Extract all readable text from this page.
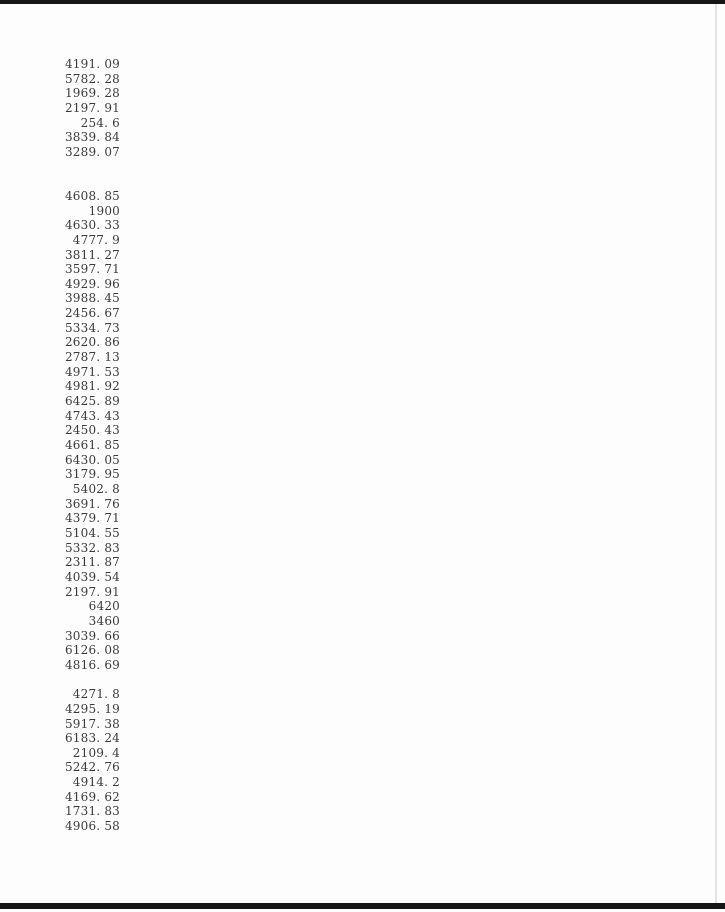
4191. 09
5782. 28
1969. 28
2197. 91
254. 6
3839. 84
3289. 07
4608. 85
1900
4630. 33
4777. 9
3811. 27
3597. 71
4929. 96
3988. 45
2456. 67
5334. 73
2620. 86
2787. 13
4971. 53
4981. 92
6425. 89
4743. 43
2450. 43
4661. 85
6430. 05
3179. 95
5402. 8
3691. 76
4379. 71
5104. 55
5332. 83
2311. 87
4039. 54
2197. 91
6420
3460
3039. 66
6126. 08
4816. 69
4271. 8
4295. 19
5917. 38
6183. 24
2109. 4
5242. 76
4914. 2
4169. 62
1731. 83
4906. 58
